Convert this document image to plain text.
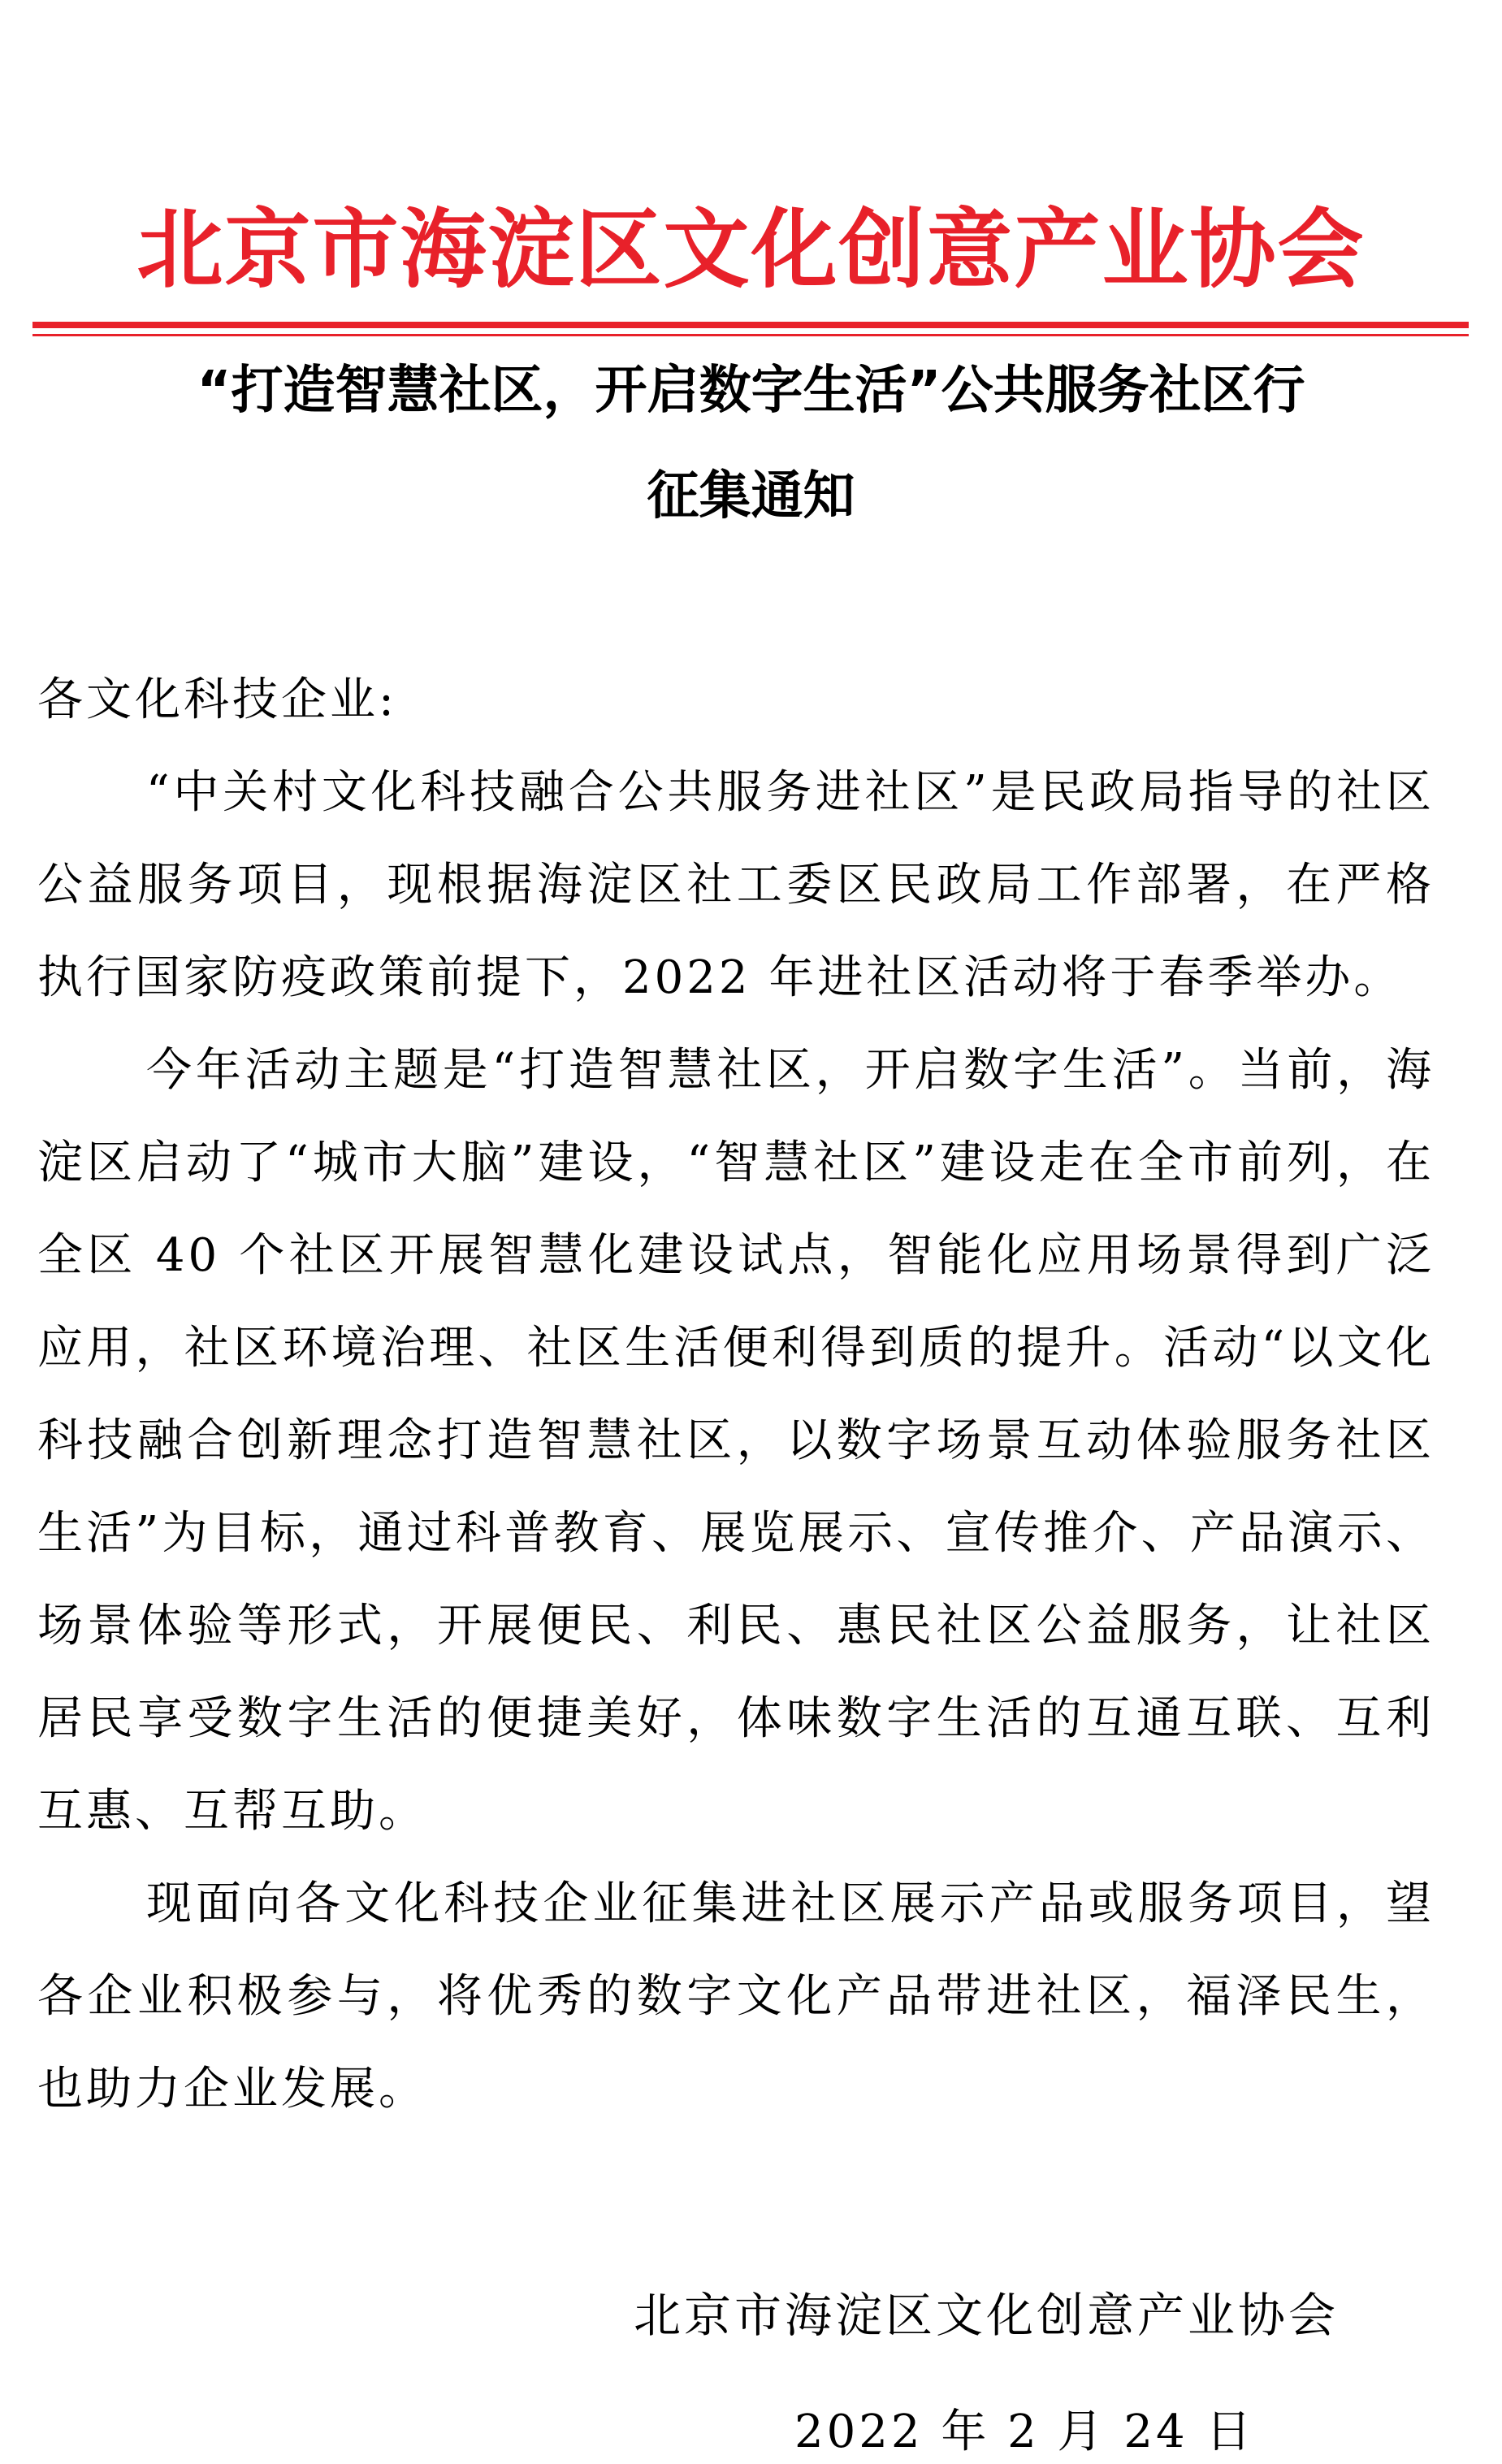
北京市海淀区文化创意产业协会
“打造智慧社区，开启数字生活”公共服务社区行
征集通知

各文化科技企业:

“中关村文化科技融合公共服务进社区”是民政局指导的社区公益服务项目，现根据海淀区社工委区民政局工作部署，在严格执行国家防疫政策前提下，2022 年进社区活动将于春季举办。

今年活动主题是“打造智慧社区，开启数字生活”。当前，海淀区启动了“城市大脑”建设，“智慧社区”建设走在全市前列，在全区 40 个社区开展智慧化建设试点，智能化应用场景得到广泛应用，社区环境治理、社区生活便利得到质的提升。活动“以文化科技融合创新理念打造智慧社区，以数字场景互动体验服务社区生活”为目标，通过科普教育、展览展示、宣传推介、产品演示、场景体验等形式，开展便民、利民、惠民社区公益服务，让社区居民享受数字生活的便捷美好，体味数字生活的互通互联、互利互惠、互帮互助。

现面向各文化科技企业征集进社区展示产品或服务项目，望各企业积极参与，将优秀的数字文化产品带进社区，福泽民生，也助力企业发展。

北京市海淀区文化创意产业协会
2022 年 2 月 24 日
